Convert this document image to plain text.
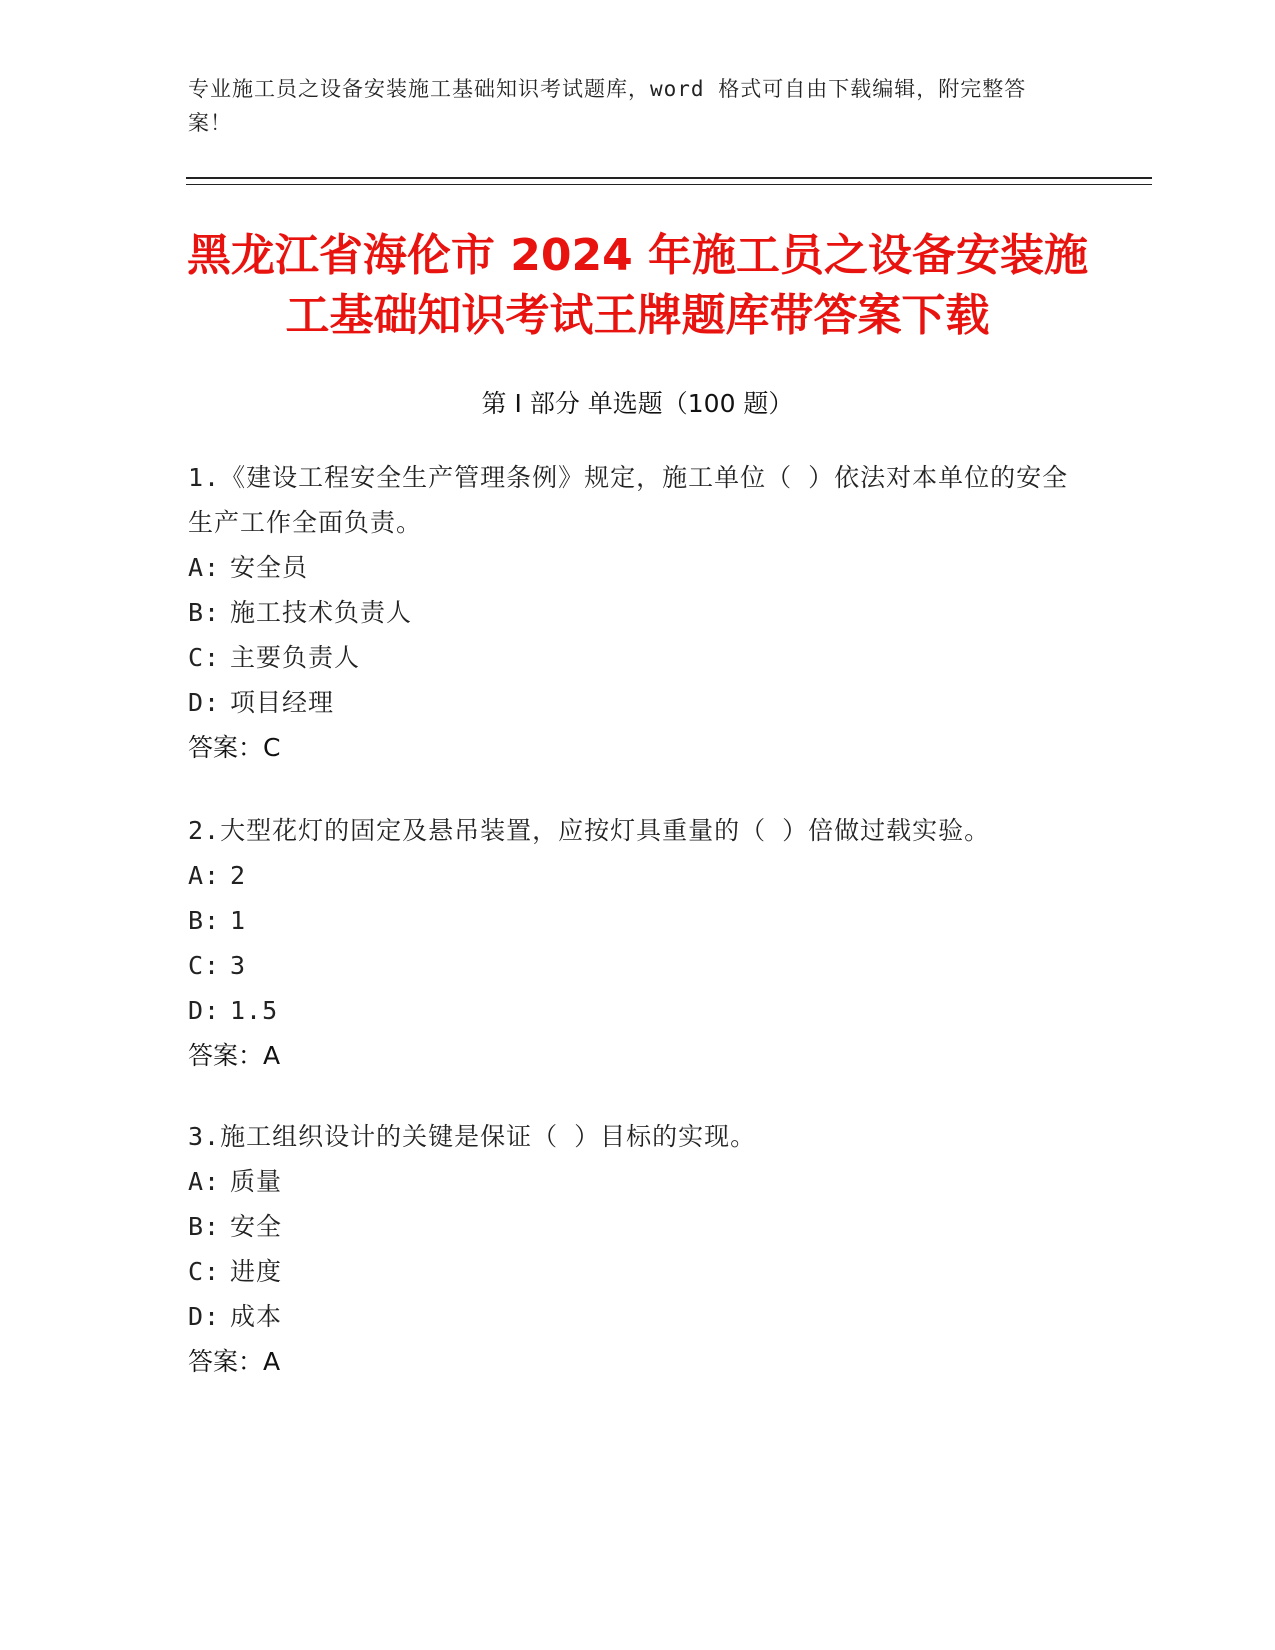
专业施工员之设备安装施工基础知识考试题库，word 格式可自由下载编辑，附完整答案！
黑龙江省海伦市 2024 年施工员之设备安装施
工基础知识考试王牌题库带答案下载
第 I 部分 单选题（100 题）
1.《建设工程安全生产管理条例》规定，施工单位（ ）依法对本单位的安全生产工作全面负责。
A: 安全员
B: 施工技术负责人
C: 主要负责人
D: 项目经理
答案：C
2.大型花灯的固定及悬吊装置，应按灯具重量的（ ）倍做过载实验。
A: 2
B: 1
C: 3
D: 1.5
答案：A
3.施工组织设计的关键是保证（ ）目标的实现。
A: 质量
B: 安全
C: 进度
D: 成本
答案：A
